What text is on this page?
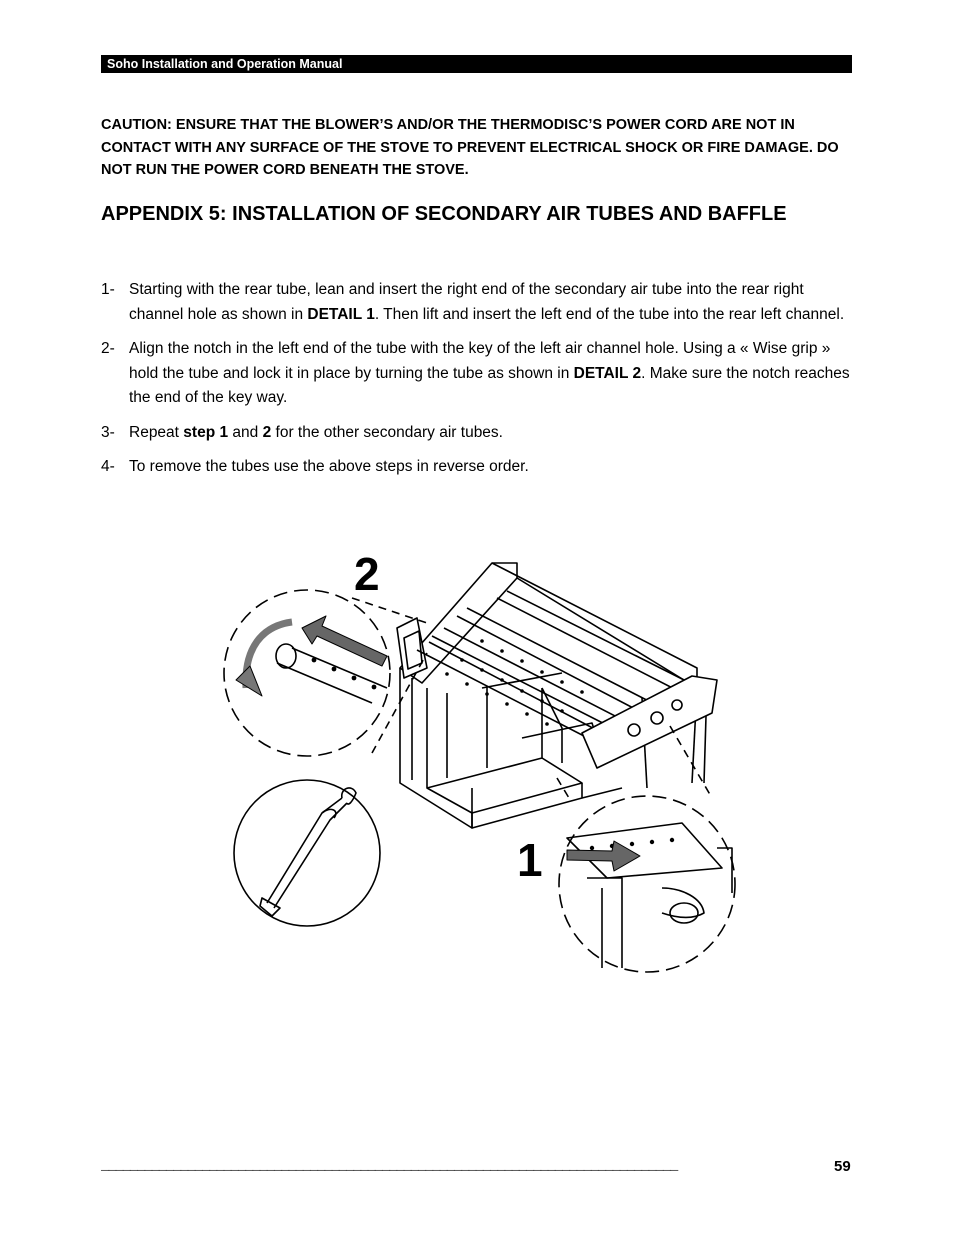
Soho Installation and Operation Manual
CAUTION: ENSURE THAT THE BLOWER’S AND/OR THE THERMODISC’S POWER CORD ARE NOT IN CONTACT WITH ANY SURFACE OF THE STOVE TO PREVENT ELECTRICAL SHOCK OR FIRE DAMAGE. DO NOT RUN THE POWER CORD BENEATH THE STOVE.
APPENDIX 5: INSTALLATION OF SECONDARY AIR TUBES AND BAFFLE
1- Starting with the rear tube, lean and insert the right end of the secondary air tube into the rear right channel hole as shown in DETAIL 1. Then lift and insert the left end of the tube into the rear left channel.
2- Align the notch in the left end of the tube with the key of the left air channel hole. Using a « Wise grip » hold the tube and lock it in place by turning the tube as shown in DETAIL 2. Make sure the notch reaches the end of the key way.
3- Repeat step 1 and 2 for the other secondary air tubes.
4- To remove the tubes use the above steps in reverse order.
2
1
________________________________________________________________________________	59
